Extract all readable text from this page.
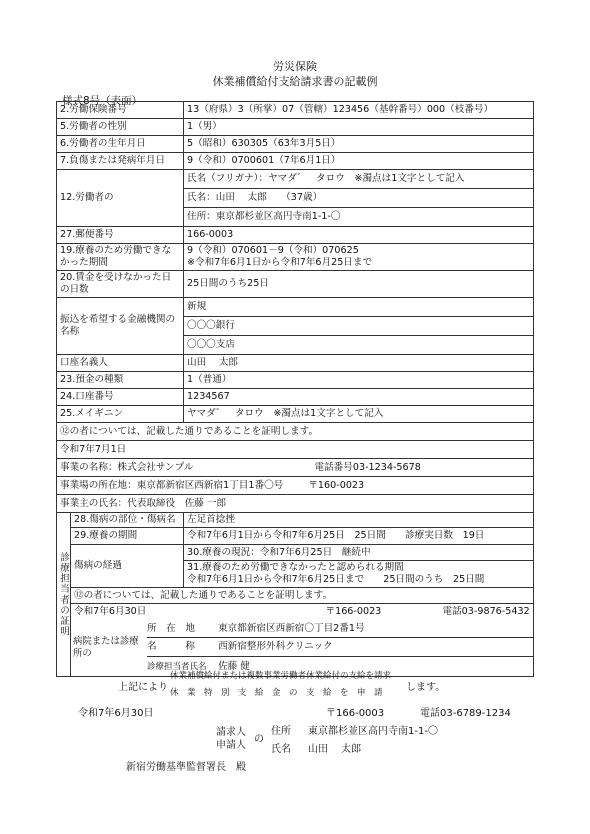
労災保険
休業補償給付支給請求書の記載例
様式8号（表面）
2.労働保険番号		13（府県）3（所掌）07（管轄）123456（基幹番号）000（枝番号）
5.労働者の性別		1（男）
6.労働者の生年月日		5（昭和）630305（63年3月5日）
7.負傷または発病年月日		9（令和）0700601（7年6月1日）
12.労働者の		氏名（フリガナ）：ヤマダ゛　タロウ　※濁点は1文字として記入
		氏名：山田　 太郎　　（37歳）
		住所：東京都杉並区高円寺南1-1-〇
27.郵便番号		166-0003
19.療養のため労働できなかった期間		9（令和）070601－9（令和）070625
※令和7年6月1日から令和7年6月25日まで

20.賃金を受けなかった日の日数		25日間のうち25日
振込を希望する金融機関の名称		新規
		〇〇〇銀行
		〇〇〇支店
口座名義人		山田　 太郎
23.預金の種類		1（普通）
24.口座番号		1234567
25.メイギニン		ヤマダ゛　タロウ　※濁点は1文字として記入
⑫の者については、記載した通りであることを証明します。		
令和7年7月1日		
事業の名称：株式会社サンプル 電話番号03-1234-5678		

事業場の所在地：東京都新宿区西新宿1丁目1番〇号 〒160-0023		
事業主の氏名：代表取締役　佐藤 一郎		

診療担当者の証明	28.傷病の部位・傷病名	左足首捻挫
	29.療養の期間	令和7年6月1日から令和7年6月25日　25日間　　診療実日数　19日
	傷病の経過	30.療養の現況：令和7年6月25日　継続中

		31.療養のため労働できなかったと認められる期間
令和7年6月1日から令和7年6月25日まで　　25日間のうち　25日間

	⑫の者については、記載した通りであることを証明します。	
	令和7年6月30日 〒166-0023 電話03-9876-5432	

	病院または診療所の
所　在　地 東京都新宿区西新宿〇丁目2番1号
名　　　称 西新宿整形外科クリニック
診療担当者氏名 佐藤 健	
上記により
休業補償給付または複数事業労働者休業給付の支給を請求
休　業　特　別　支　給　金　の　支　給　を　申　請 します。
令和7年6月30日	〒166-0003	電話03-6789-1234
請求人
申請人
の
住所 東京都杉並区高円寺南1-1-〇
氏名 山田　 太郎
新宿労働基準監督署長　殿
